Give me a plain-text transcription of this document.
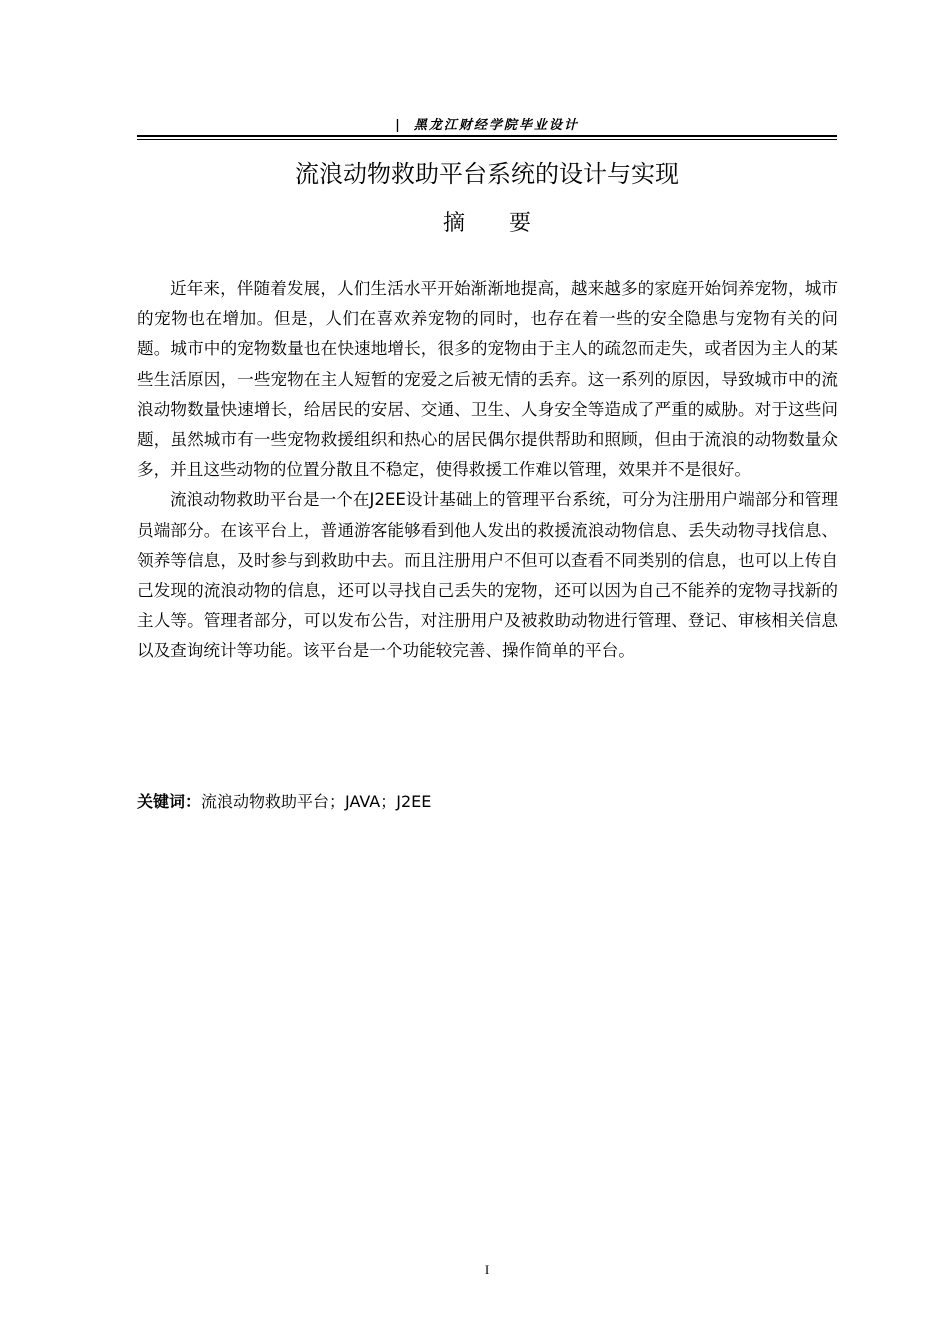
| 黑龙江财经学院毕业设计
流浪动物救助平台系统的设计与实现
摘 要

近年来，伴随着发展，人们生活水平开始渐渐地提高，越来越多的家庭开始饲养宠物，城市的宠物也在增加。但是，人们在喜欢养宠物的同时，也存在着一些的安全隐患与宠物有关的问题。城市中的宠物数量也在快速地增长，很多的宠物由于主人的疏忽而走失，或者因为主人的某些生活原因，一些宠物在主人短暂的宠爱之后被无情的丢弃。这一系列的原因，导致城市中的流浪动物数量快速增长，给居民的安居、交通、卫生、人身安全等造成了严重的威胁。对于这些问题，虽然城市有一些宠物救援组织和热心的居民偶尔提供帮助和照顾，但由于流浪的动物数量众多，并且这些动物的位置分散且不稳定，使得救援工作难以管理，效果并不是很好。

流浪动物救助平台是一个在J2EE设计基础上的管理平台系统，可分为注册用户端部分和管理员端部分。在该平台上，普通游客能够看到他人发出的救援流浪动物信息、丢失动物寻找信息、领养等信息，及时参与到救助中去。而且注册用户不但可以查看不同类别的信息，也可以上传自己发现的流浪动物的信息，还可以寻找自己丢失的宠物，还可以因为自己不能养的宠物寻找新的主人等。管理者部分，可以发布公告，对注册用户及被救助动物进行管理、登记、审核相关信息以及查询统计等功能。该平台是一个功能较完善、操作简单的平台。

关键词：流浪动物救助平台；JAVA；J2EE
I
